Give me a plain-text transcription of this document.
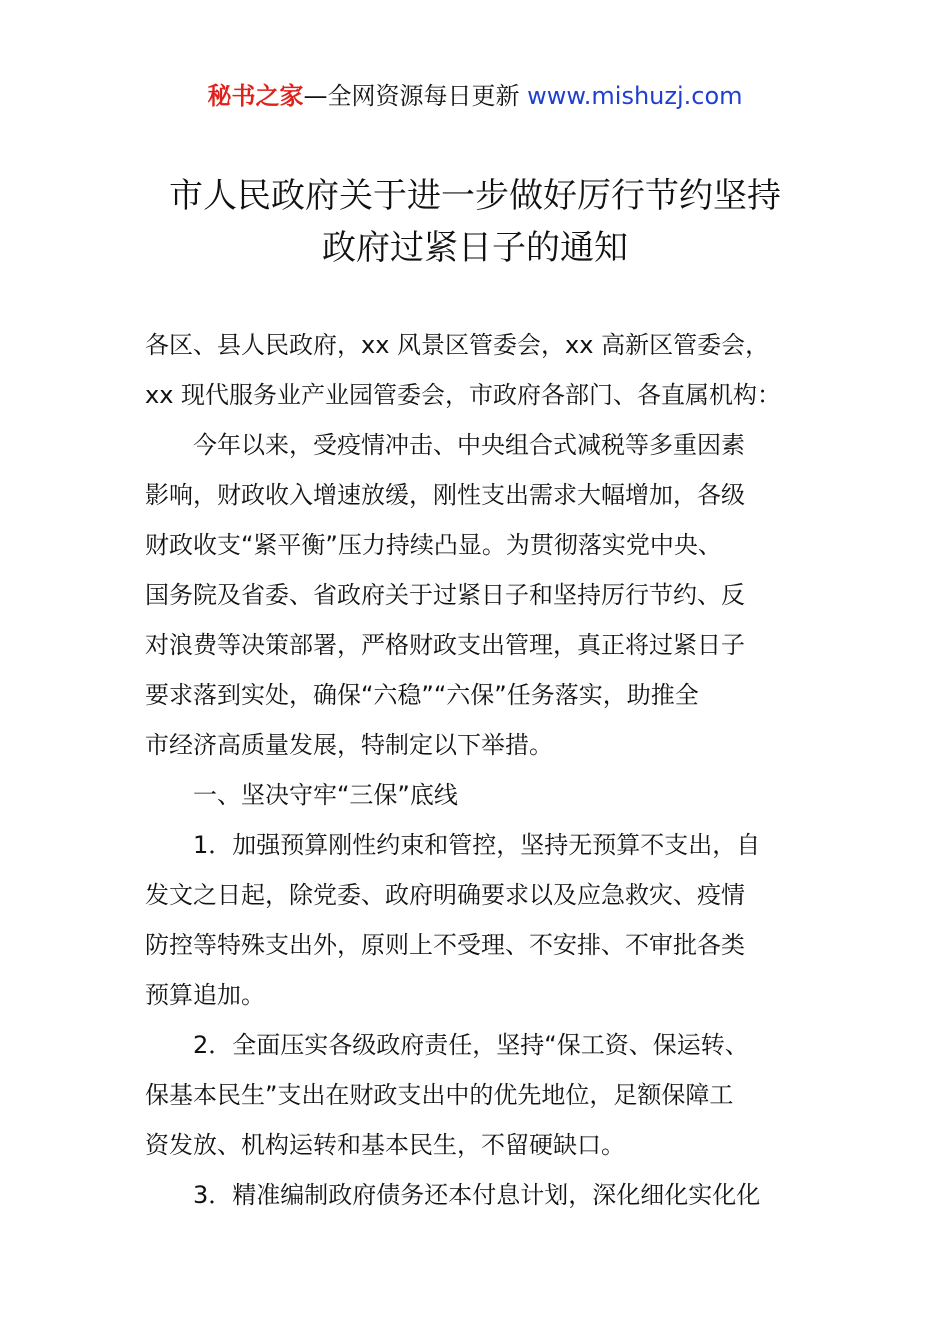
秘书之家—全网资源每日更新 www.mishuzj.com
市人民政府关于进一步做好厉行节约坚持
政府过紧日子的通知

各区、县人民政府，xx 风景区管委会，xx 高新区管委会，
xx 现代服务业产业园管委会，市政府各部门、各直属机构：

今年以来，受疫情冲击、中央组合式减税等多重因素
影响，财政收入增速放缓，刚性支出需求大幅增加，各级
财政收支“紧平衡”压力持续凸显。为贯彻落实党中央、
国务院及省委、省政府关于过紧日子和坚持厉行节约、反
对浪费等决策部署，严格财政支出管理，真正将过紧日子
要求落到实处，确保“六稳”“六保”任务落实，助推全
市经济高质量发展，特制定以下举措。

一、坚决守牢“三保”底线

1．加强预算刚性约束和管控，坚持无预算不支出，自
发文之日起，除党委、政府明确要求以及应急救灾、疫情
防控等特殊支出外，原则上不受理、不安排、不审批各类
预算追加。

2．全面压实各级政府责任，坚持“保工资、保运转、
保基本民生”支出在财政支出中的优先地位，足额保障工
资发放、机构运转和基本民生，不留硬缺口。

3．精准编制政府债务还本付息计划，深化细化实化化
